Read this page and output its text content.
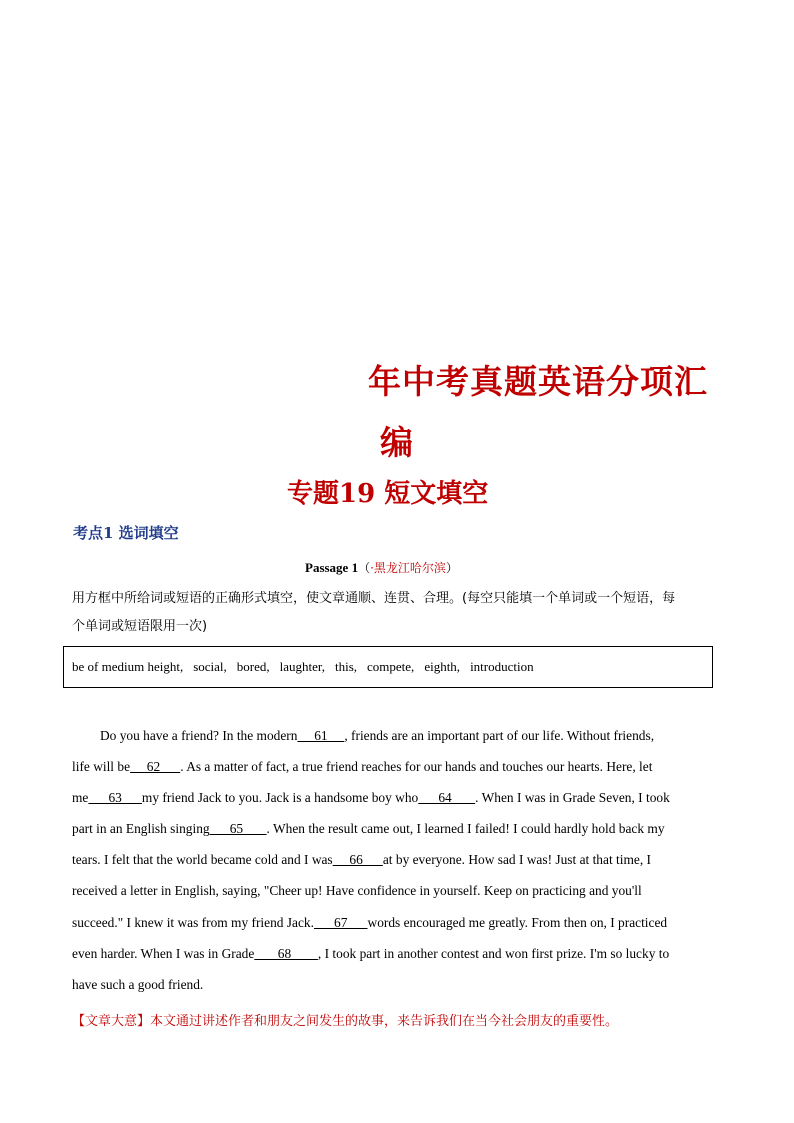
年中考真题英语分项汇
编
专题19 短文填空
考点1 选词填空
Passage 1（·黑龙江哈尔滨）
用方框中所给词或短语的正确形式填空，使文章通顺、连贯、合理。(每空只能填一个单词或一个短语，每
个单词或短语限用一次)
be of medium height, social, bored, laughter, this, compete, eighth, introduction
Do you have a friend? In the modern     61     , friends are an important part of our life. Without friends,
life will be     62      . As a matter of fact, a true friend reaches for our hands and touches our hearts. Here, let
me      63      my friend Jack to you. Jack is a handsome boy who      64       . When I was in Grade Seven, I took
part in an English singing      65       . When the result came out, I learned I failed! I could hardly hold back my
tears. I felt that the world became cold and I was     66      at by everyone. How sad I was! Just at that time, I
received a letter in English, saying, "Cheer up! Have confidence in yourself. Keep on practicing and you'll
succeed." I knew it was from my friend Jack.      67      words encouraged me greatly. From then on, I practiced
even harder. When I was in Grade       68        , I took part in another contest and won first prize. I'm so lucky to
have such a good friend.
【文章大意】本文通过讲述作者和朋友之间发生的故事，来告诉我们在当今社会朋友的重要性。
